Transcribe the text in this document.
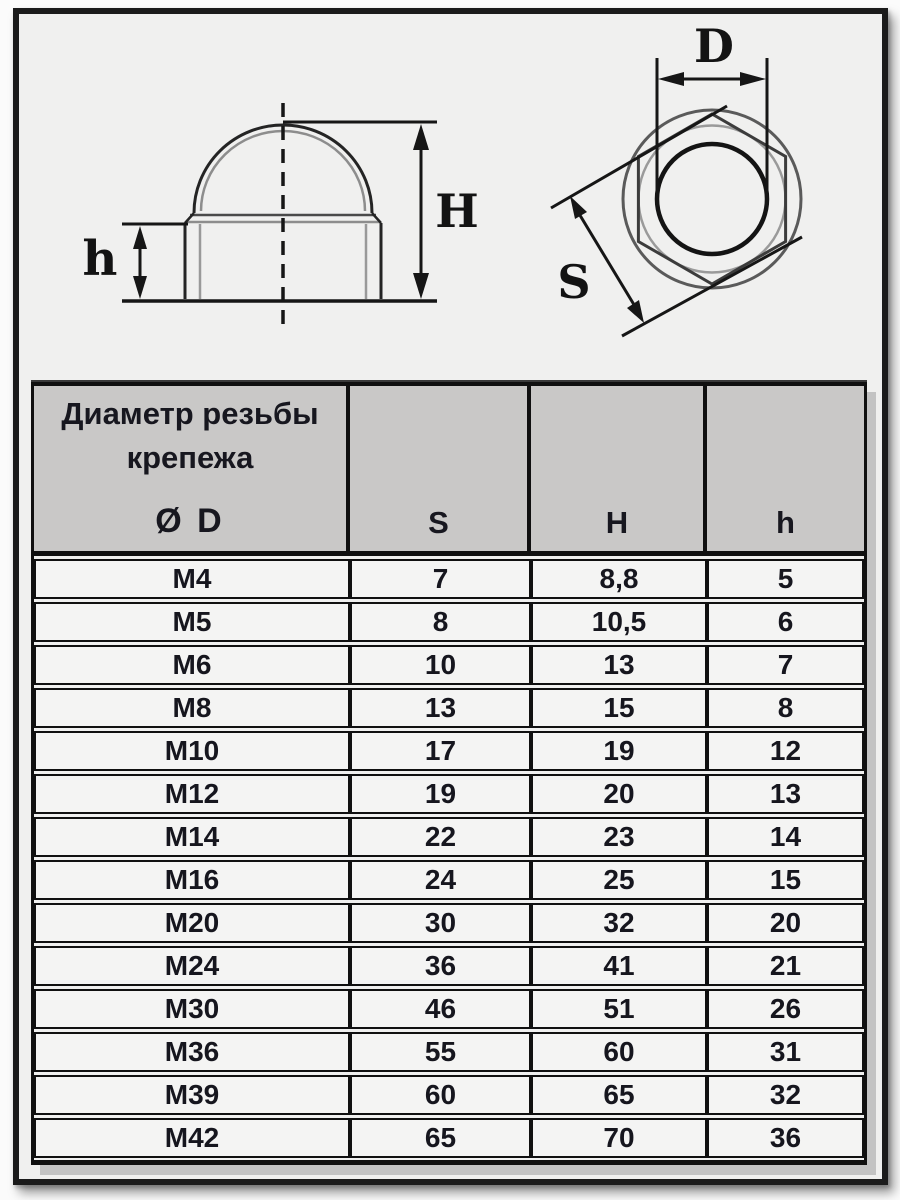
h
H
D
S
Диаметр резьбы
крепежа
Ø D	S	H	h
M4	7	8,8	5
M5	8	10,5	6
M6	10	13	7
M8	13	15	8
M10	17	19	12
M12	19	20	13
M14	22	23	14
M16	24	25	15
M20	30	32	20
M24	36	41	21
M30	46	51	26
M36	55	60	31
M39	60	65	32
M42	65	70	36
